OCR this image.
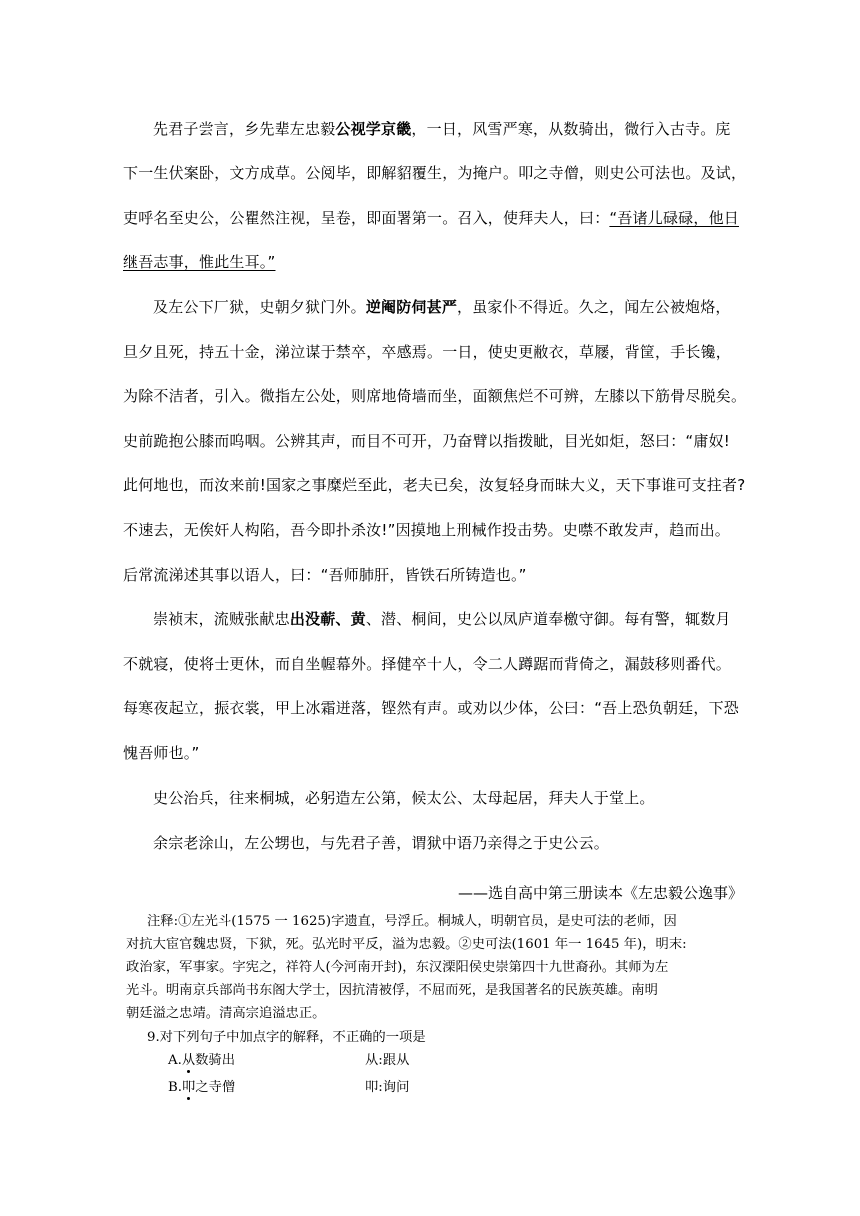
先君子尝言，乡先辈左忠毅公视学京畿，一日，风雪严寒，从数骑出，微行入古寺。庑
下一生伏案卧，文方成草。公阅毕，即解貂覆生，为掩户。叩之寺僧，则史公可法也。及试，
吏呼名至史公，公瞿然注视，呈卷，即面署第一。召入，使拜夫人，曰：“吾诸儿碌碌，他日
继吾志事，惟此生耳。”
及左公下厂狱，史朝夕狱门外。逆阉防伺甚严，虽家仆不得近。久之，闻左公被炮烙，
旦夕且死，持五十金，涕泣谋于禁卒，卒感焉。一日，使史更敝衣，草屦，背筐，手长镵，
为除不洁者，引入。微指左公处，则席地倚墙而坐，面额焦烂不可辨，左膝以下筋骨尽脱矣。
史前跪抱公膝而呜咽。公辨其声，而目不可开，乃奋臂以指拨眦，目光如炬，怒曰：“庸奴!
此何地也，而汝来前!国家之事糜烂至此，老夫已矣，汝复轻身而昧大义，天下事谁可支拄者?
不速去，无俟奸人构陷，吾今即扑杀汝!”因摸地上刑械作投击势。史噤不敢发声，趋而出。
后常流涕述其事以语人，曰：“吾师肺肝，皆铁石所铸造也。”
崇祯末，流贼张献忠出没蕲、黄、潜、桐间，史公以凤庐道奉檄守御。每有警，辄数月
不就寝，使将士更休，而自坐幄幕外。择健卒十人，令二人蹲踞而背倚之，漏鼓移则番代。
每寒夜起立，振衣裳，甲上冰霜迸落，铿然有声。或劝以少体，公曰：“吾上恐负朝廷，下恐
愧吾师也。”
史公治兵，往来桐城，必躬造左公第，候太公、太母起居，拜夫人于堂上。
余宗老涂山，左公甥也，与先君子善，谓狱中语乃亲得之于史公云。
——选自高中第三册读本《左忠毅公逸事》
注释:①左光斗(1575 一 1625)字遗直，号浮丘。桐城人，明朝官员，是史可法的老师，因
对抗大宦官魏忠贤，下狱，死。弘光时平反，溢为忠毅。②史可法(1601 年一 1645 年)，明末:
政治家，军事家。字宪之，祥符人(今河南开封)，东汉溧阳侯史崇第四十九世裔孙。其师为左
光斗。明南京兵部尚书东阁大学士，因抗清被俘，不屈而死，是我国著名的民族英雄。南明
朝廷溢之忠靖。清高宗追溢忠正。
9.对下列句子中加点字的解释，不正确的一项是
A.从数骑出	从:跟从
B.叩之寺僧	叩:询问
